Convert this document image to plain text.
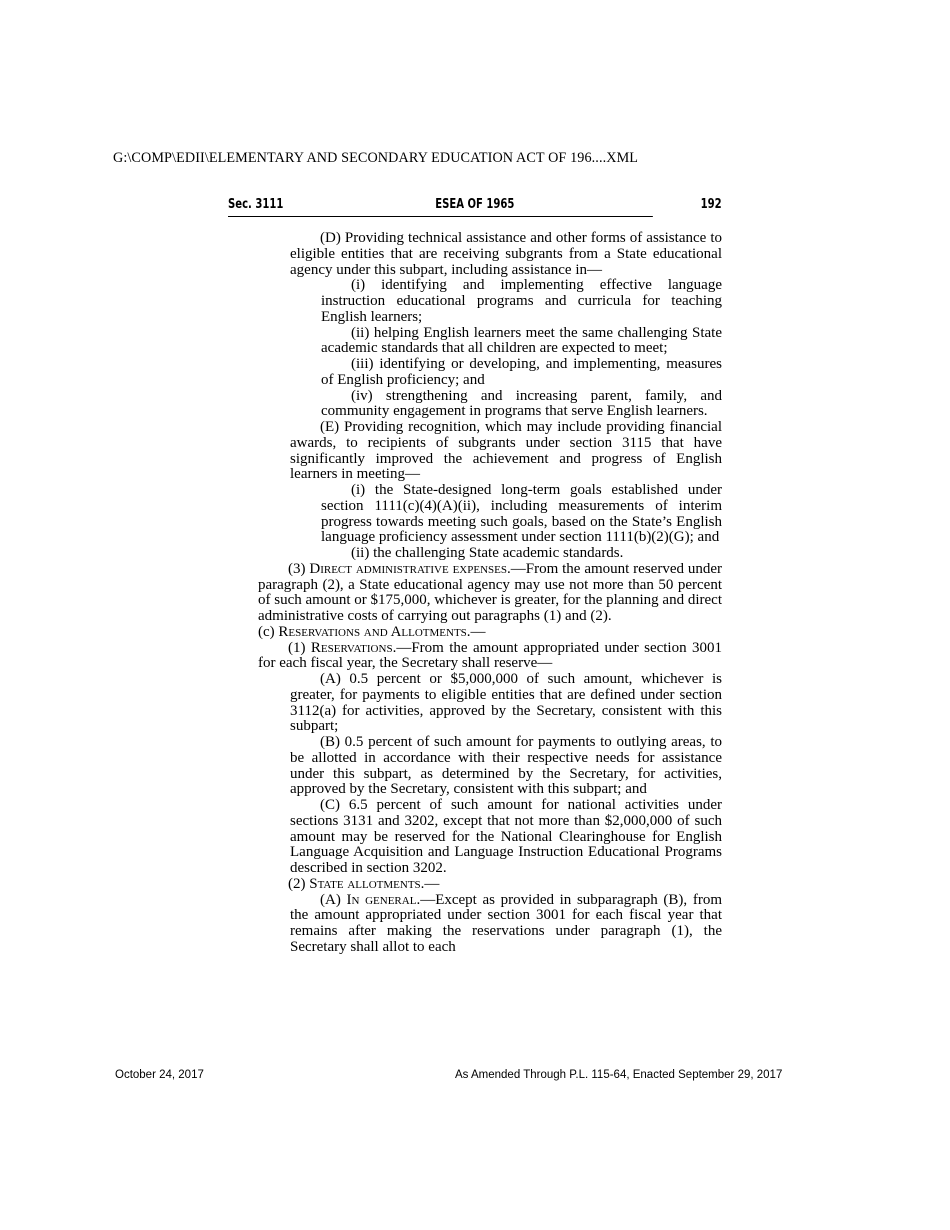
G:\COMP\EDII\ELEMENTARY AND SECONDARY EDUCATION ACT OF 196....XML
Sec. 3111	ESEA OF 1965	192

(D) Providing technical assistance and other forms of assistance to eligible entities that are receiving subgrants from a State educational agency under this subpart, including assistance in—

(i) identifying and implementing effective language instruction educational programs and curricula for teaching English learners;

(ii) helping English learners meet the same challenging State academic standards that all children are expected to meet;

(iii) identifying or developing, and implementing, measures of English proficiency; and

(iv) strengthening and increasing parent, family, and community engagement in programs that serve English learners.

(E) Providing recognition, which may include providing financial awards, to recipients of subgrants under section 3115 that have significantly improved the achievement and progress of English learners in meeting—

(i) the State-designed long-term goals established under section 1111(c)(4)(A)(ii), including measurements of interim progress towards meeting such goals, based on the State’s English language proficiency assessment under section 1111(b)(2)(G); and

(ii) the challenging State academic standards.

(3) Direct administrative expenses.—From the amount reserved under paragraph (2), a State educational agency may use not more than 50 percent of such amount or $175,000, whichever is greater, for the planning and direct administrative costs of carrying out paragraphs (1) and (2).

(c) Reservations and Allotments.—

(1) Reservations.—From the amount appropriated under section 3001 for each fiscal year, the Secretary shall reserve—

(A) 0.5 percent or $5,000,000 of such amount, whichever is greater, for payments to eligible entities that are defined under section 3112(a) for activities, approved by the Secretary, consistent with this subpart;

(B) 0.5 percent of such amount for payments to outlying areas, to be allotted in accordance with their respective needs for assistance under this subpart, as determined by the Secretary, for activities, approved by the Secretary, consistent with this subpart; and

(C) 6.5 percent of such amount for national activities under sections 3131 and 3202, except that not more than $2,000,000 of such amount may be reserved for the National Clearinghouse for English Language Acquisition and Language Instruction Educational Programs described in section 3202.

(2) State allotments.—

(A) In general.—Except as provided in subparagraph (B), from the amount appropriated under section 3001 for each fiscal year that remains after making the reservations under paragraph (1), the Secretary shall allot to each

October 24, 2017	As Amended Through P.L. 115-64, Enacted September 29, 2017
